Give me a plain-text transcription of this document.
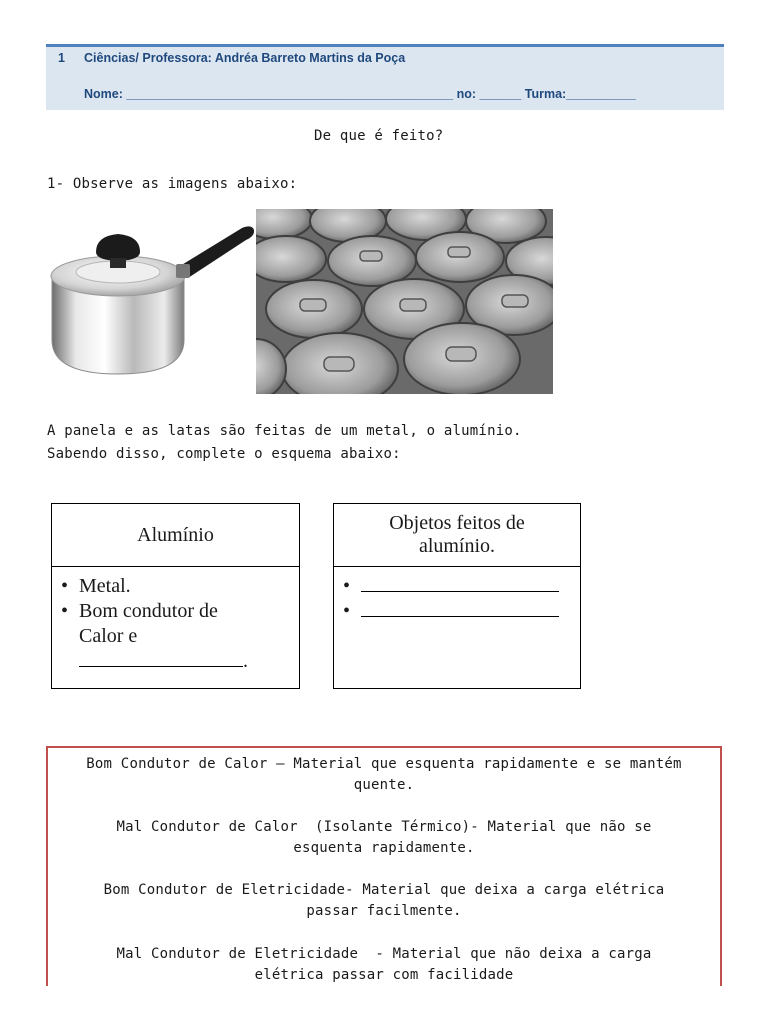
1 Ciências/ Professora: Andréa Barreto Martins da Poça
Nome: _______________________________________________ no: ______ Turma:__________
De que é feito?
1- Observe as imagens abaixo:
A panela e as latas são feitas de um metal, o alumínio.
Sabendo disso, complete o esquema abaixo:
Alumínio
• Metal.
• Bom condutor de
Calor e
.
Objetos feitos de
alumínio.
•
•
Bom Condutor de Calor – Material que esquenta rapidamente e se mantém
quente.
Mal Condutor de Calor  (Isolante Térmico)- Material que não se
esquenta rapidamente.
Bom Condutor de Eletricidade- Material que deixa a carga elétrica
passar facilmente.
Mal Condutor de Eletricidade  - Material que não deixa a carga
elétrica passar com facilidade
